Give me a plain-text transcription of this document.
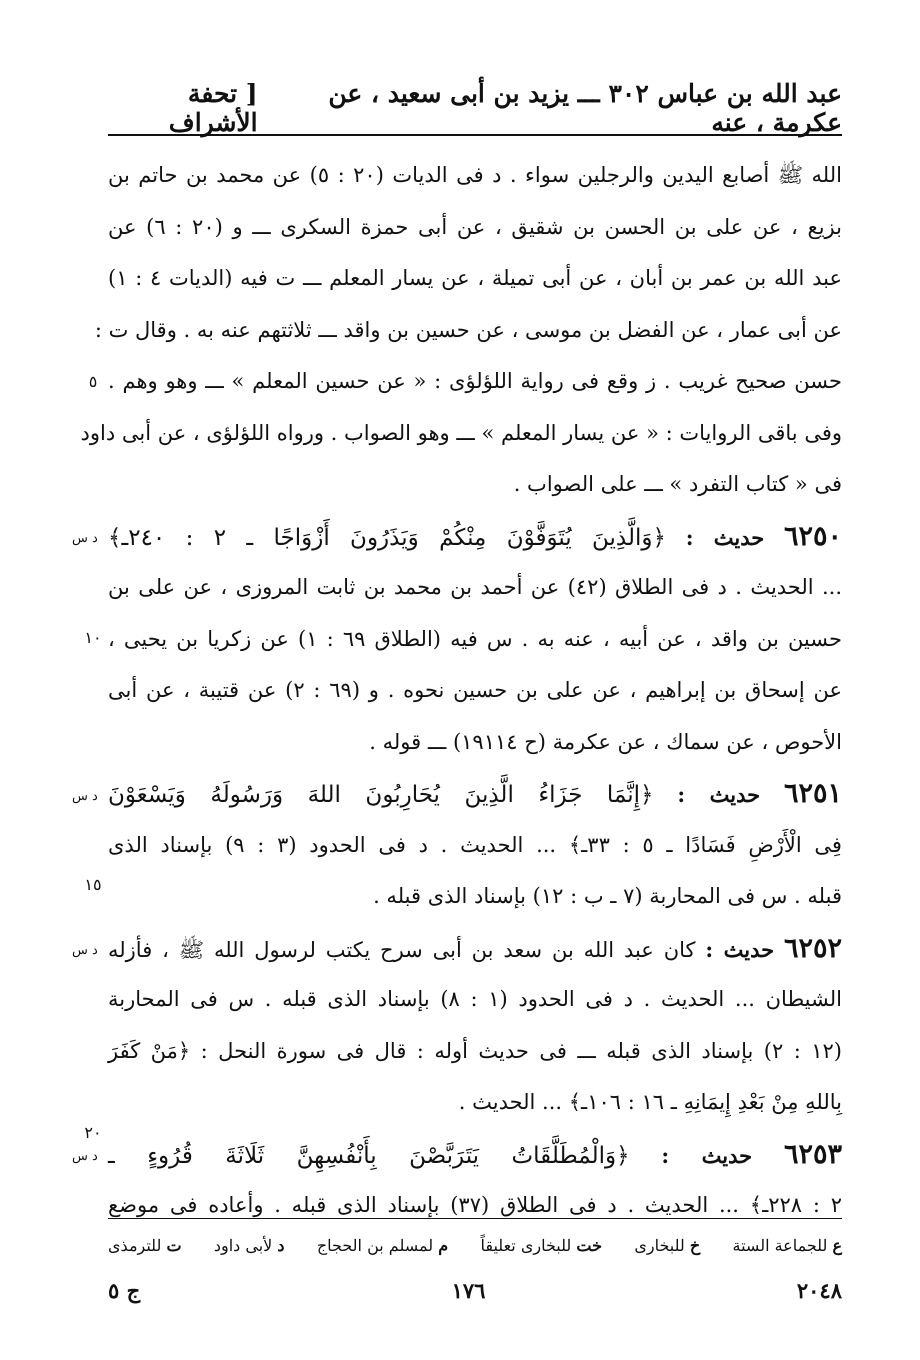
عبد الله بن عباس ٣٠٢ ـــ يزيد بن أبى سعيد ، عن عكرمة ، عنه
[ تحفة الأشراف
٥
١٠
١٥
٢٠
الله ﷺ أصابع اليدين والرجلين سواء . د فى الديات (٢٠ : ٥) عن محمد بن حاتم بن
بزيع ، عن على بن الحسن بن شقيق ، عن أبى حمزة السكرى ـــ و (٢٠ : ٦) عن
عبد الله بن عمر بن أبان ، عن أبى تميلة ، عن يسار المعلم ـــ ت فيه (الديات ٤ : ١)
عن أبى عمار ، عن الفضل بن موسى ، عن حسين بن واقد ـــ ثلاثتهم عنه به . وقال ت :
حسن صحيح غريب . ز وقع فى رواية اللؤلؤى : « عن حسين المعلم » ـــ وهو وهم .
وفى باقى الروايات : « عن يسار المعلم » ـــ وهو الصواب . ورواه اللؤلؤى ، عن أبى داود
فى « كتاب التفرد » ـــ على الصواب .
٦٢٥٠ حديث : ﴿وَالَّذِينَ يُتَوَفَّوْنَ مِنْكُمْ وَيَذَرُونَ أَزْوَاجًا ـ ٢ : ٢٤٠ـ﴾
د س
... الحديث . د فى الطلاق (٤٢) عن أحمد بن محمد بن ثابت المروزى ، عن على بن
حسين بن واقد ، عن أبيه ، عنه به . س فيه (الطلاق ٦٩ : ١) عن زكريا بن يحيى ،
عن إسحاق بن إبراهيم ، عن على بن حسين نحوه . و (٦٩ : ٢) عن قتيبة ، عن أبى
الأحوص ، عن سماك ، عن عكرمة (ح ١٩١١٤) ـــ قوله .
٦٢٥١ حديث : ﴿إِنَّمَا جَزَاءُ الَّذِينَ يُحَارِبُونَ اللهَ وَرَسُولَهُ وَيَسْعَوْنَ
د س
فِى الْأَرْضِ فَسَادًا ـ ٥ : ٣٣ـ﴾ ... الحديث . د فى الحدود (٣ : ٩) بإسناد الذى
قبله . س فى المحاربة (٧ ـ ب : ١٢) بإسناد الذى قبله .
٦٢٥٢ حديث : كان عبد الله بن سعد بن أبى سرح يكتب لرسول الله ﷺ ، فأزله
د س
الشيطان ... الحديث . د فى الحدود (١ : ٨) بإسناد الذى قبله . س فى المحاربة
(١٢ : ٢) بإسناد الذى قبله ـــ فى حديث أوله : قال فى سورة النحل : ﴿مَنْ كَفَرَ
بِاللهِ مِنْ بَعْدِ إِيمَانِهِ ـ ١٦ : ١٠٦ـ﴾ ... الحديث .
٦٢٥٣ حديث : ﴿وَالْمُطَلَّقَاتُ يَتَرَبَّصْنَ بِأَنْفُسِهِنَّ ثَلَاثَةَ قُرُوءٍ ـ
د س
٢ : ٢٢٨ـ﴾ ... الحديث . د فى الطلاق (٣٧) بإسناد الذى قبله . وأعاده فى موضع
ع للجماعة الستة
خ للبخارى
خت للبخارى تعليقاً
م لمسلم بن الحجاج
د لأبى داود
ت للترمذى
٢٠٤٨
١٧٦
ج ٥
